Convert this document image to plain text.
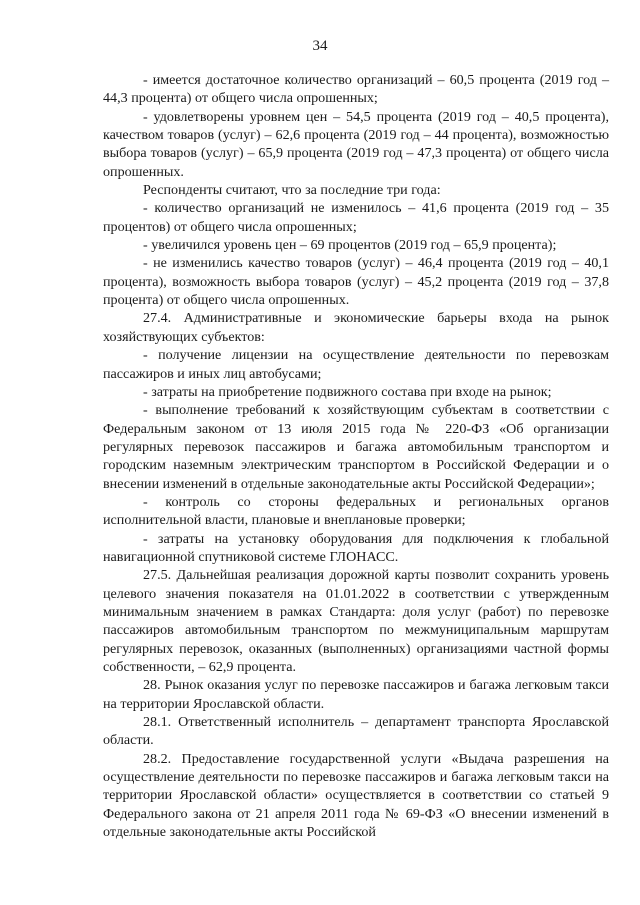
34

- имеется достаточное количество организаций – 60,5 процента (2019 год – 44,3 процента) от общего числа опрошенных;

- удовлетворены уровнем цен – 54,5 процента (2019 год – 40,5 процента), качеством товаров (услуг) – 62,6 процента (2019 год – 44 процента), возможностью выбора товаров (услуг) – 65,9 процента (2019 год – 47,3 процента) от общего числа опрошенных.

Респонденты считают, что за последние три года:

- количество организаций не изменилось – 41,6 процента (2019 год – 35 процентов) от общего числа опрошенных;

- увеличился уровень цен – 69 процентов (2019 год – 65,9 процента);

- не изменились качество товаров (услуг) – 46,4 процента (2019 год – 40,1 процента), возможность выбора товаров (услуг) – 45,2 процента (2019 год – 37,8 процента) от общего числа опрошенных.

27.4. Административные и экономические барьеры входа на рынок хозяйствующих субъектов:

- получение лицензии на осуществление деятельности по перевозкам пассажиров и иных лиц автобусами;

- затраты на приобретение подвижного состава при входе на рынок;

- выполнение требований к хозяйствующим субъектам в соответствии с Федеральным законом от 13 июля 2015 года № 220-ФЗ «Об организации регулярных перевозок пассажиров и багажа автомобильным транспортом и городским наземным электрическим транспортом в Российской Федерации и о внесении изменений в отдельные законодательные акты Российской Федерации»;

- контроль со стороны федеральных и региональных органов исполнительной власти, плановые и внеплановые проверки;

- затраты на установку оборудования для подключения к глобальной навигационной спутниковой системе ГЛОНАСС.

27.5. Дальнейшая реализация дорожной карты позволит сохранить уровень целевого значения показателя на 01.01.2022 в соответствии с утвержденным минимальным значением в рамках Стандарта: доля услуг (работ) по перевозке пассажиров автомобильным транспортом по межмуниципальным маршрутам регулярных перевозок, оказанных (выполненных) организациями частной формы собственности, – 62,9 процента.

28. Рынок оказания услуг по перевозке пассажиров и багажа легковым такси на территории Ярославской области.

28.1. Ответственный исполнитель – департамент транспорта Ярославской области.

28.2. Предоставление государственной услуги «Выдача разрешения на осуществление деятельности по перевозке пассажиров и багажа легковым такси на территории Ярославской области» осуществляется в соответствии со статьей 9 Федерального закона от 21 апреля 2011 года № 69-ФЗ «О внесении изменений в отдельные законодательные акты Российской
